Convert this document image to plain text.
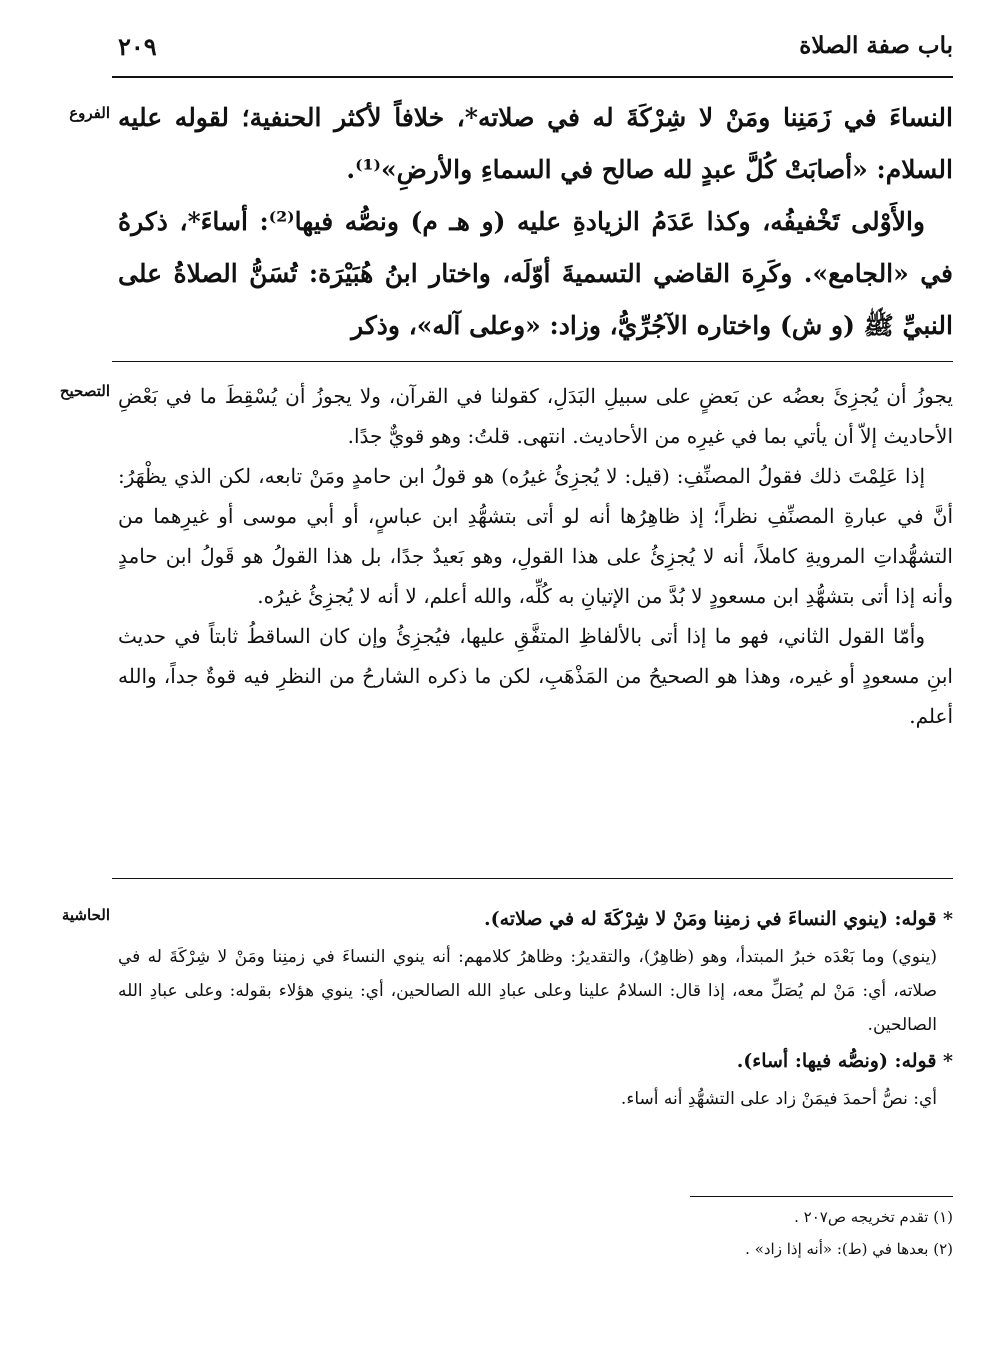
باب صفة الصلاة
٢٠٩
الفروع النساءَ في زَمَنِنا ومَنْ لا شِرْكَةَ له في صلاته*، خلافاً لأكثر الحنفية؛ لقوله عليه السلام: «أصابَتْ كُلَّ عبدٍ لله صالح في السماءِ والأرضِ»⁽¹⁾.

والأَوْلى تَخْفيفُه، وكذا عَدَمُ الزيادةِ عليه (و هـ م) ونصُّه فيها⁽²⁾: أساءَ*، ذكرهُ في «الجامع». وكَرِهَ القاضي التسميةَ أوّلَه، واختار ابنُ هُبَيْرَة: تُسَنُّ الصلاةُ على النبيِّ ﷺ (و ش) واختاره الآجُرِّيُّ، وزاد: «وعلى آله»، وذكر

التصحيح يجوزُ أن يُجزِئَ بعضُه عن بَعضٍ على سبيلِ البَدَلِ، كقولنا في القرآن، ولا يجوزُ أن يُسْقِطَ ما في بَعْضِ الأحاديث إلاّ أن يأتي بما في غيرِه من الأحاديث. انتهى. قلتُ: وهو قويٌّ جدًا.

إذا عَلِمْتَ ذلك فقولُ المصنِّفِ: (قيل: لا يُجزِئُ غيرُه) هو قولُ ابن حامدٍ ومَنْ تابعه، لكن الذي يظْهَرُ: أنَّ في عبارةِ المصنِّفِ نظراً؛ إذ ظاهِرُها أنه لو أتى بتشهُّدِ ابن عباسٍ، أو أبي موسى أو غيرِهما من التشهُّداتِ المرويةِ كاملاً، أنه لا يُجزِئُ على هذا القولِ، وهو بَعيدٌ جدًا، بل هذا القولُ هو قَولُ ابن حامدٍ وأنه إذا أتى بتشهُّدِ ابن مسعودٍ لا بُدَّ من الإتيانِ به كُلِّه، والله أعلم، لا أنه لا يُجزِئُ غيرُه.

وأمّا القول الثاني، فهو ما إذا أتى بالألفاظِ المتفَّقِ عليها، فيُجزِئُ وإن كان الساقطُ ثابتاً في حديث ابنِ مسعودٍ أو غيره، وهذا هو الصحيحُ من المَذْهَبِ، لكن ما ذكره الشارحُ من النظرِ فيه قوةٌ جداً، والله أعلم.

الحاشية	* قوله: (ينوي النساءَ في زمنِنا ومَنْ لا شِرْكَةَ له في صلاته).

(ينوي) وما بَعْدَه خبرُ المبتدأ، وهو (ظاهِرٌ)، والتقديرُ: وظاهرُ كلامهم: أنه ينوي النساءَ في زمنِنا ومَنْ لا شِرْكَةَ له في صلاته، أي: مَنْ لم يُصَلِّ معه، إذا قال: السلامُ علينا وعلى عبادِ الله الصالحين، أي: ينوي هؤلاء بقوله: وعلى عبادِ الله الصالحين.

* قوله: (ونصُّه فيها: أساء).

أي: نصُّ أحمدَ فيمَنْ زاد على التشهُّدِ أنه أساء.

(١) تقدم تخريجه ص٢٠٧ .
(٢) بعدها في (ط): «أنه إذا زاد» .
